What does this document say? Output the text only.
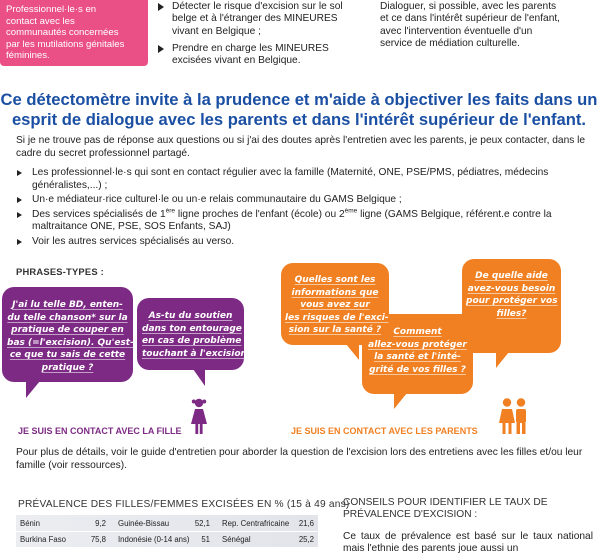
Professionnel·le·s en
contact avec les
communautés concernées
par les mutilations génitales
féminines.
Détecter le risque d'excision sur le sol belge et à l'étranger des MINEURES vivant en Belgique ;
Prendre en charge les MINEURES excisées vivant en Belgique.
Dialoguer, si possible, avec les parents
et ce dans l'intérêt supérieur de l'enfant,
avec l'intervention éventuelle d'un
service de médiation culturelle.
Ce détectomètre invite à la prudence et m'aide à objectiver les faits dans un
esprit de dialogue avec les parents et dans l'intérêt supérieur de l'enfant.
Si je ne trouve pas de réponse aux questions ou si j'ai des doutes après l'entretien avec les parents, je peux contacter, dans le cadre du secret professionnel partagé.
Les professionnel·le·s qui sont en contact régulier avec la famille (Maternité, ONE, PSE/PMS, pédiatres, médecins généralistes,...) ;
Un·e médiateur·rice culturel·le ou un·e relais communautaire du GAMS Belgique ;
Des services spécialisés de 1ère ligne proches de l'enfant (école) ou 2ème ligne (GAMS Belgique, référent.e contre la maltraitance ONE, PSE, SOS Enfants, SAJ)
Voir les autres services spécialisés au verso.
PHRASES-TYPES :
J'ai lu telle BD, enten-
du telle chanson* sur la
pratique de couper en
bas (=l'excision). Qu'est-
ce que tu sais de cette
pratique ?
As-tu du soutien
dans ton entourage
en cas de problème
touchant à l'excision?
Quelles sont les
informations que
vous avez sur
les risques de l'exci-
sion sur la santé ?
De quelle aide
avez-vous besoin
pour protéger vos
filles?
Comment
allez-vous protéger
la santé et l'inté-
grité de vos filles ?
JE SUIS EN CONTACT AVEC LA FILLE	JE SUIS EN CONTACT AVEC LES PARENTS
Pour plus de détails, voir le guide d'entretien pour aborder la question de l'excision lors des entretiens avec les filles et/ou leur famille (voir ressources).
PRÉVALENCE DES FILLES/FEMMES EXCISÉES EN % (15 à 49 ans)
Bénin	9,2 Guinée-Bissau	52,1 Rep. Centrafricaine	21,6
Burkina Faso	75,8 Indonésie (0-14 ans)	51 Sénégal	25,2
CONSEILS POUR IDENTIFIER LE TAUX DE
PRÉVALENCE D'EXCISION :
Ce taux de prévalence est basé sur le taux national mais l'ethnie des parents joue aussi un
